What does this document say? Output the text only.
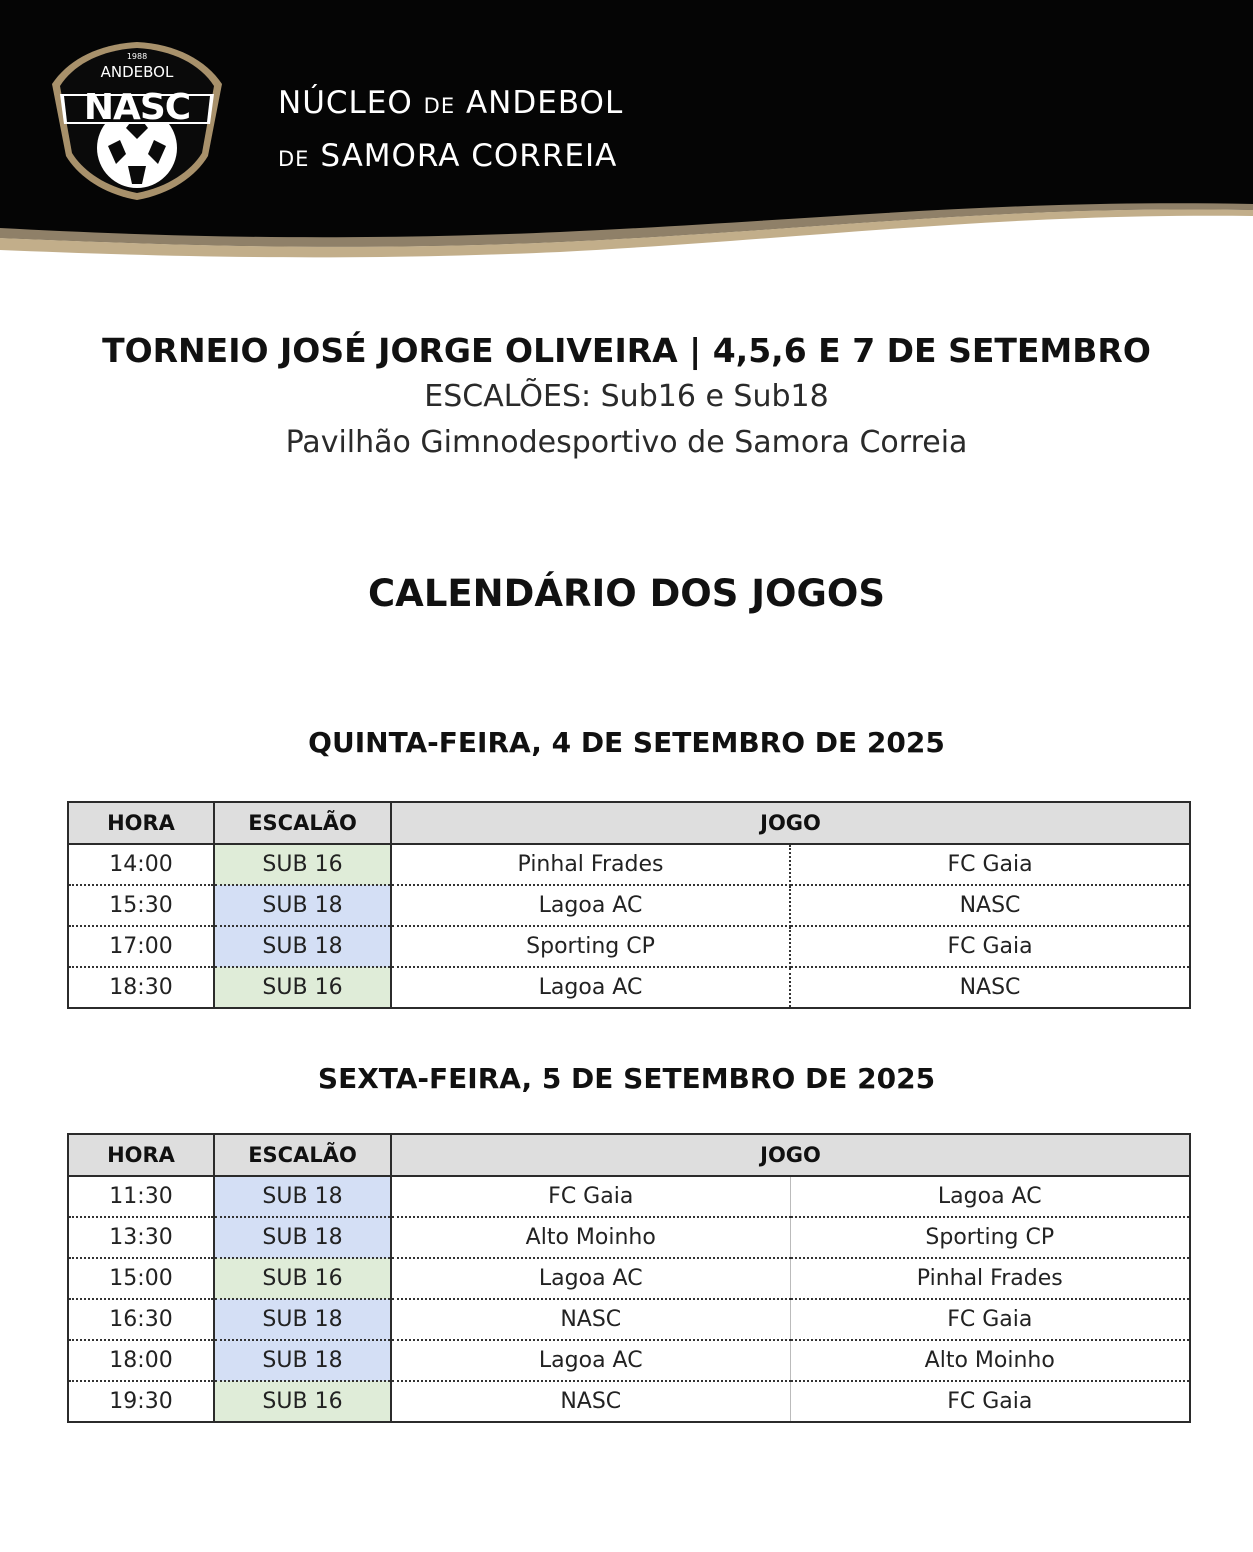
1988
ANDEBOL
NASC	NÚCLEO DE ANDEBOL
DE SAMORA CORREIA
TORNEIO JOSÉ JORGE OLIVEIRA | 4,5,6 E 7 DE SETEMBRO
ESCALÕES: Sub16 e Sub18
Pavilhão Gimnodesportivo de Samora Correia
CALENDÁRIO DOS JOGOS
QUINTA-FEIRA, 4 DE SETEMBRO DE 2025
HORA	ESCALÃO	JOGO	
14:00	SUB 16	Pinhal Frades	FC Gaia
15:30	SUB 18	Lagoa AC	NASC
17:00	SUB 18	Sporting CP	FC Gaia
18:30	SUB 16	Lagoa AC	NASC
SEXTA-FEIRA, 5 DE SETEMBRO DE 2025
HORA	ESCALÃO	JOGO	
11:30	SUB 18	FC Gaia	Lagoa AC
13:30	SUB 18	Alto Moinho	Sporting CP
15:00	SUB 16	Lagoa AC	Pinhal Frades
16:30	SUB 18	NASC	FC Gaia
18:00	SUB 18	Lagoa AC	Alto Moinho
19:30	SUB 16	NASC	FC Gaia
